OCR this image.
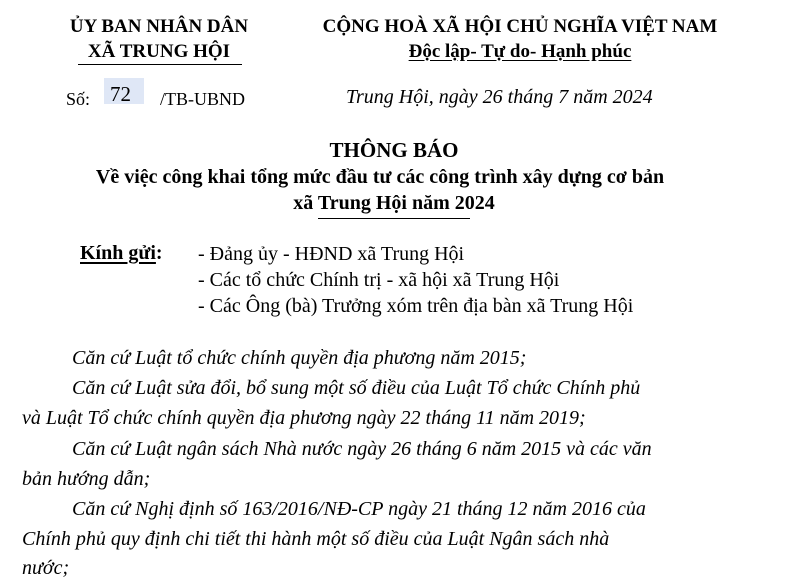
ỦY BAN NHÂN DÂN
XÃ TRUNG HỘI
CỘNG HOÀ XÃ HỘI CHỦ NGHĨA VIỆT NAM
Độc lập- Tự do- Hạnh phúc
Số: 72 /TB-UBND	Trung Hội, ngày 26 tháng 7 năm 2024
THÔNG BÁO
Về việc công khai tổng mức đầu tư các công trình xây dựng cơ bản
xã Trung Hội năm 2024
Kính gửi: - Đảng ủy - HĐND xã Trung Hội
- Các tổ chức Chính trị - xã hội xã Trung Hội
- Các Ông (bà) Trưởng xóm trên địa bàn xã Trung Hội
Căn cứ Luật tổ chức chính quyền địa phương năm 2015;
Căn cứ Luật sửa đổi, bổ sung một số điều của Luật Tổ chức Chính phủ
và Luật Tổ chức chính quyền địa phương ngày 22 tháng 11 năm 2019;
Căn cứ Luật ngân sách Nhà nước ngày 26 tháng 6 năm 2015 và các văn
bản hướng dẫn;
Căn cứ Nghị định số 163/2016/NĐ-CP ngày 21 tháng 12 năm 2016 của
Chính phủ quy định chi tiết thi hành một số điều của Luật Ngân sách nhà
nước;
